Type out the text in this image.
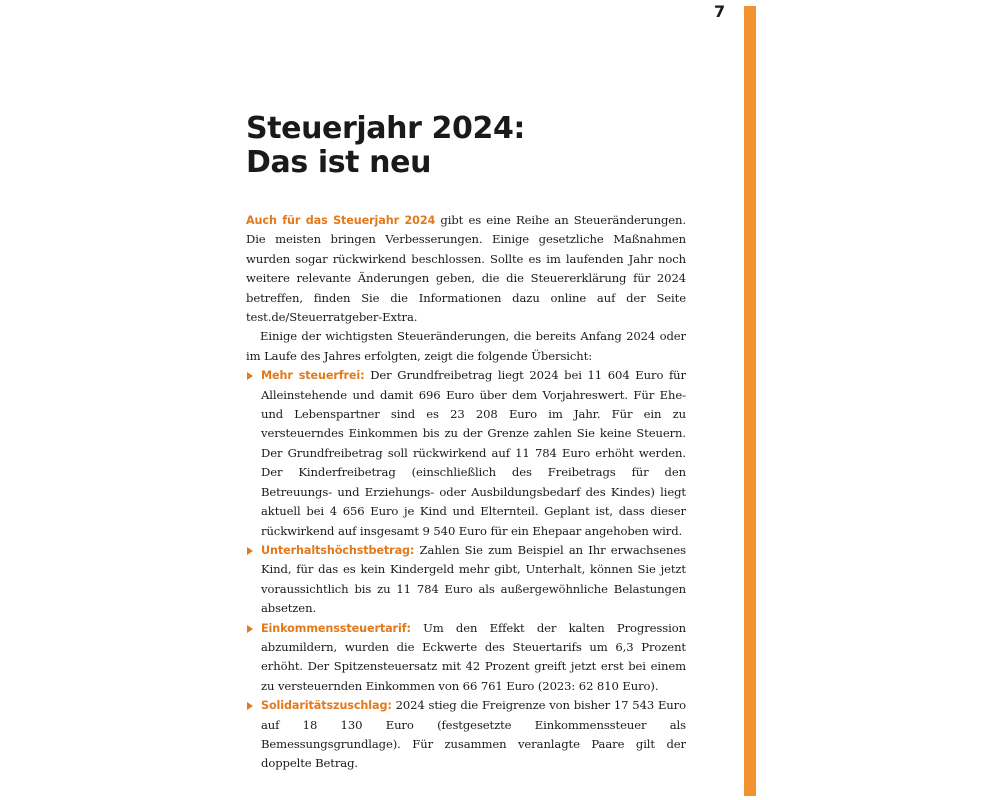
7
Steuerjahr 2024:
Das ist neu

Auch für das Steuerjahr 2024 gibt es eine Reihe an Steueränderungen. Die meisten bringen Verbesserungen. Einige gesetzliche Maßnahmen wurden sogar rückwirkend beschlossen. Sollte es im laufenden Jahr noch weitere relevante Änderungen geben, die die Steuererklärung für 2024 betreffen, finden Sie die Informationen dazu online auf der Seite test.de/Steuerratgeber-Extra.

Einige der wichtigsten Steueränderungen, die bereits Anfang 2024 oder im Laufe des Jahres erfolgten, zeigt die folgende Übersicht:

Mehr steuerfrei: Der Grundfreibetrag liegt 2024 bei 11 604 Euro für Alleinstehende und damit 696 Euro über dem Vorjahreswert. Für Ehe- und Lebenspartner sind es 23 208 Euro im Jahr. Für ein zu versteuerndes Einkommen bis zu der Grenze zahlen Sie keine Steuern. Der Grundfreibetrag soll rückwirkend auf 11 784 Euro erhöht werden. Der Kinderfreibetrag (einschließlich des Freibetrags für den Betreuungs- und Erziehungs- oder Ausbildungsbedarf des Kindes) liegt aktuell bei 4 656 Euro je Kind und Elternteil. Geplant ist, dass dieser rückwirkend auf insgesamt 9 540 Euro für ein Ehepaar angehoben wird.
Unterhaltshöchstbetrag: Zahlen Sie zum Beispiel an Ihr erwachsenes Kind, für das es kein Kindergeld mehr gibt, Unterhalt, können Sie jetzt voraussichtlich bis zu 11 784 Euro als außergewöhnliche Belastungen absetzen.
Einkommenssteuertarif: Um den Effekt der kalten Progression abzumildern, wurden die Eckwerte des Steuertarifs um 6,3 Prozent erhöht. Der Spitzensteuersatz mit 42 Prozent greift jetzt erst bei einem zu versteuernden Einkommen von 66 761 Euro (2023: 62 810 Euro).
Solidaritätszuschlag: 2024 stieg die Freigrenze von bisher 17 543 Euro auf 18 130 Euro (festgesetzte Einkommenssteuer als Bemessungsgrundlage). Für zusammen veranlagte Paare gilt der doppelte Betrag.
